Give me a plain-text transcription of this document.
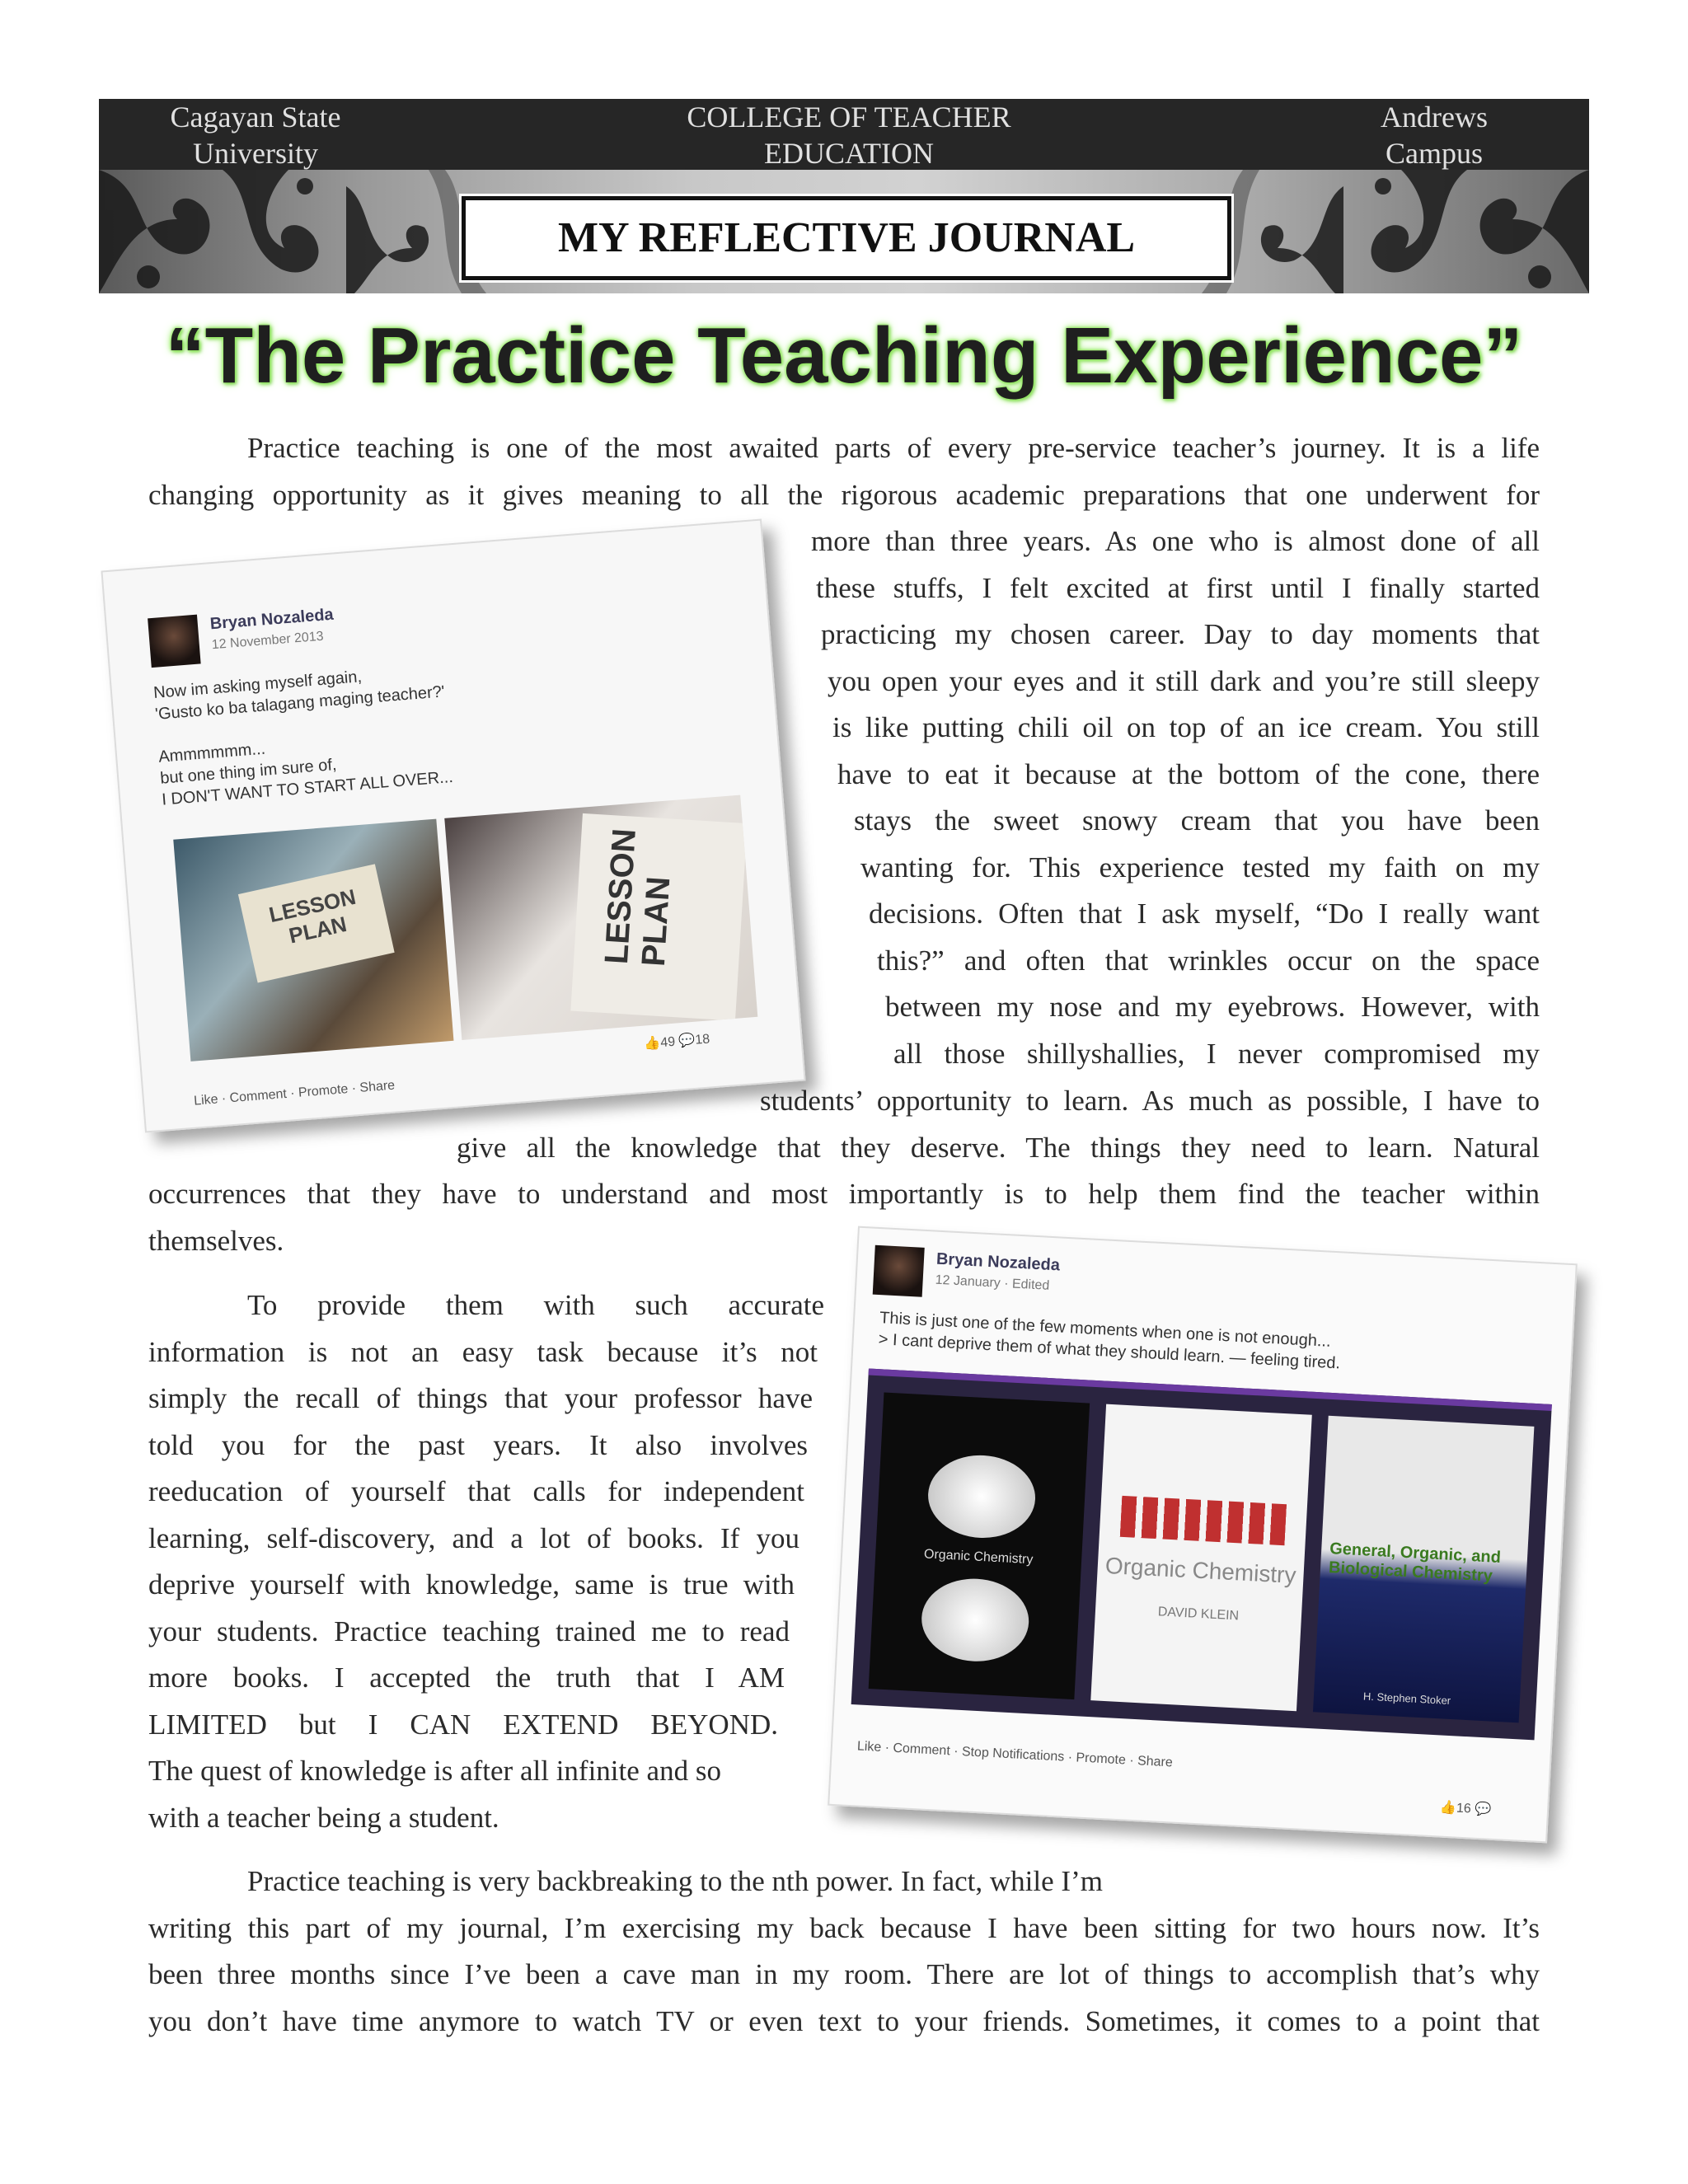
Cagayan State
University
COLLEGE OF TEACHER
EDUCATION
Andrews
Campus
MY REFLECTIVE JOURNAL
“The Practice Teaching Experience”
Practice teaching is one of the most awaited parts of every pre-service teacher’s journey. It is a life
changing opportunity as it gives meaning to all the rigorous academic preparations that one underwent for
more than three years. As one who is almost done of all
these stuffs, I felt excited at first until I finally started
practicing my chosen career. Day to day moments that
you open your eyes and it still dark and you’re still sleepy
is like putting chili oil on top of an ice cream. You still
have to eat it because at the bottom of the cone, there
stays the sweet snowy cream that you have been
wanting for. This experience tested my faith on my
decisions. Often that I ask myself, “Do I really want
this?” and often that wrinkles occur on the space
between my nose and my eyebrows. However, with
all those shillyshallies, I never compromised my
students’ opportunity to learn. As much as possible, I have to
give all the knowledge that they deserve. The things they need to learn. Natural
occurrences that they have to understand and most importantly is to help them find the teacher within
themselves.
To provide them with such accurate
information is not an easy task because it’s not
simply the recall of things that your professor have
told you for the past years. It also involves
reeducation of yourself that calls for independent
learning, self-discovery, and a lot of books. If you
deprive yourself with knowledge, same is true with
your students. Practice teaching trained me to read
more books. I accepted the truth that I AM
LIMITED but I CAN EXTEND BEYOND.
The quest of knowledge is after all infinite and so
with a teacher being a student.
Practice teaching is very backbreaking to the nth power. In fact, while I’m
writing this part of my journal, I’m exercising my back because I have been sitting for two hours now. It’s
been three months since I’ve been a cave man in my room. There are lot of things to accomplish that’s why
you don’t have time anymore to watch TV or even text to your friends. Sometimes, it comes to a point that
Bryan Nozaleda
12 November 2013
Now im asking myself again,
'Gusto ko ba talagang maging teacher?'

Ammmmmm...
but one thing im sure of,
I DON'T WANT TO START ALL OVER...
LESSON PLAN	LESSON PLAN
👍49 💬18
Like · Comment · Promote · Share
Bryan Nozaleda
12 January · Edited
This is just one of the few moments when one is not enough...
> I cant deprive them of what they should learn. — feeling tired.
Organic Chemistry	Organic Chemistry
DAVID KLEIN
General, Organic, and Biological Chemistry
H. Stephen Stoker
Like · Comment · Stop Notifications · Promote · Share
👍16 💬
